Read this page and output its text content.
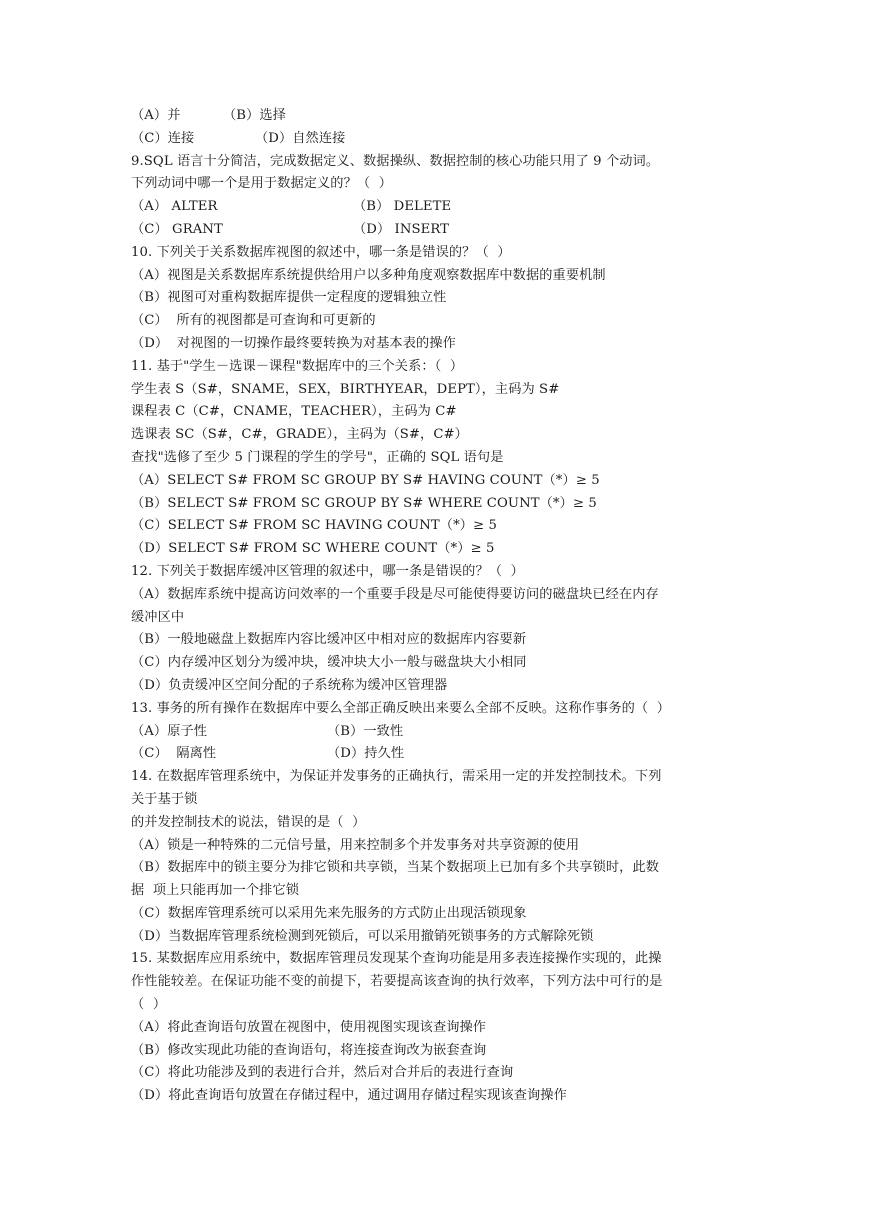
（A）并	（B）选择
（C）连接	（D）自然连接
9.SQL 语言十分简洁，完成数据定义、数据操纵、数据控制的核心功能只用了 9 个动词。
下列动词中哪一个是用于数据定义的？（  ）
（A） ALTER	（B） DELETE
（C） GRANT	（D） INSERT
10. 下列关于关系数据库视图的叙述中，哪一条是错误的？（  ）
（A）视图是关系数据库系统提供给用户以多种角度观察数据库中数据的重要机制
（B）视图可对重构数据库提供一定程度的逻辑独立性
（C）  所有的视图都是可查询和可更新的
（D）  对视图的一切操作最终要转换为对基本表的操作
11. 基于"学生－选课－课程"数据库中的三个关系：（  ）
学生表 S（S#，SNAME，SEX，BIRTHYEAR，DEPT），主码为 S#
课程表 C（C#，CNAME，TEACHER），主码为 C#
选课表 SC（S#，C#，GRADE），主码为（S#，C#）
查找"选修了至少 5 门课程的学生的学号"，正确的 SQL 语句是
（A）SELECT S# FROM SC GROUP BY S# HAVING COUNT（*）≥ 5
（B）SELECT S# FROM SC GROUP BY S# WHERE COUNT（*）≥ 5
（C）SELECT S# FROM SC HAVING COUNT（*）≥ 5
（D）SELECT S# FROM SC WHERE COUNT（*）≥ 5
12. 下列关于数据库缓冲区管理的叙述中，哪一条是错误的？（  ）
（A）数据库系统中提高访问效率的一个重要手段是尽可能使得要访问的磁盘块已经在内存
缓冲区中
（B）一般地磁盘上数据库内容比缓冲区中相对应的数据库内容要新
（C）内存缓冲区划分为缓冲块，缓冲块大小一般与磁盘块大小相同
（D）负责缓冲区空间分配的子系统称为缓冲区管理器
13. 事务的所有操作在数据库中要么全部正确反映出来要么全部不反映。这称作事务的（  ）
（A）原子性	（B）一致性
（C）  隔离性	（D）持久性
14. 在数据库管理系统中，为保证并发事务的正确执行，需采用一定的并发控制技术。下列
关于基于锁
的并发控制技术的说法，错误的是（  ）
（A）锁是一种特殊的二元信号量，用来控制多个并发事务对共享资源的使用
（B）数据库中的锁主要分为排它锁和共享锁，当某个数据项上已加有多个共享锁时，此数
据  项上只能再加一个排它锁
（C）数据库管理系统可以采用先来先服务的方式防止出现活锁现象
（D）当数据库管理系统检测到死锁后，可以采用撤销死锁事务的方式解除死锁
15. 某数据库应用系统中，数据库管理员发现某个查询功能是用多表连接操作实现的，此操
作性能较差。在保证功能不变的前提下，若要提高该查询的执行效率，下列方法中可行的是
（  ）
（A）将此查询语句放置在视图中，使用视图实现该查询操作
（B）修改实现此功能的查询语句，将连接查询改为嵌套查询
（C）将此功能涉及到的表进行合并，然后对合并后的表进行查询
（D）将此查询语句放置在存储过程中，通过调用存储过程实现该查询操作
